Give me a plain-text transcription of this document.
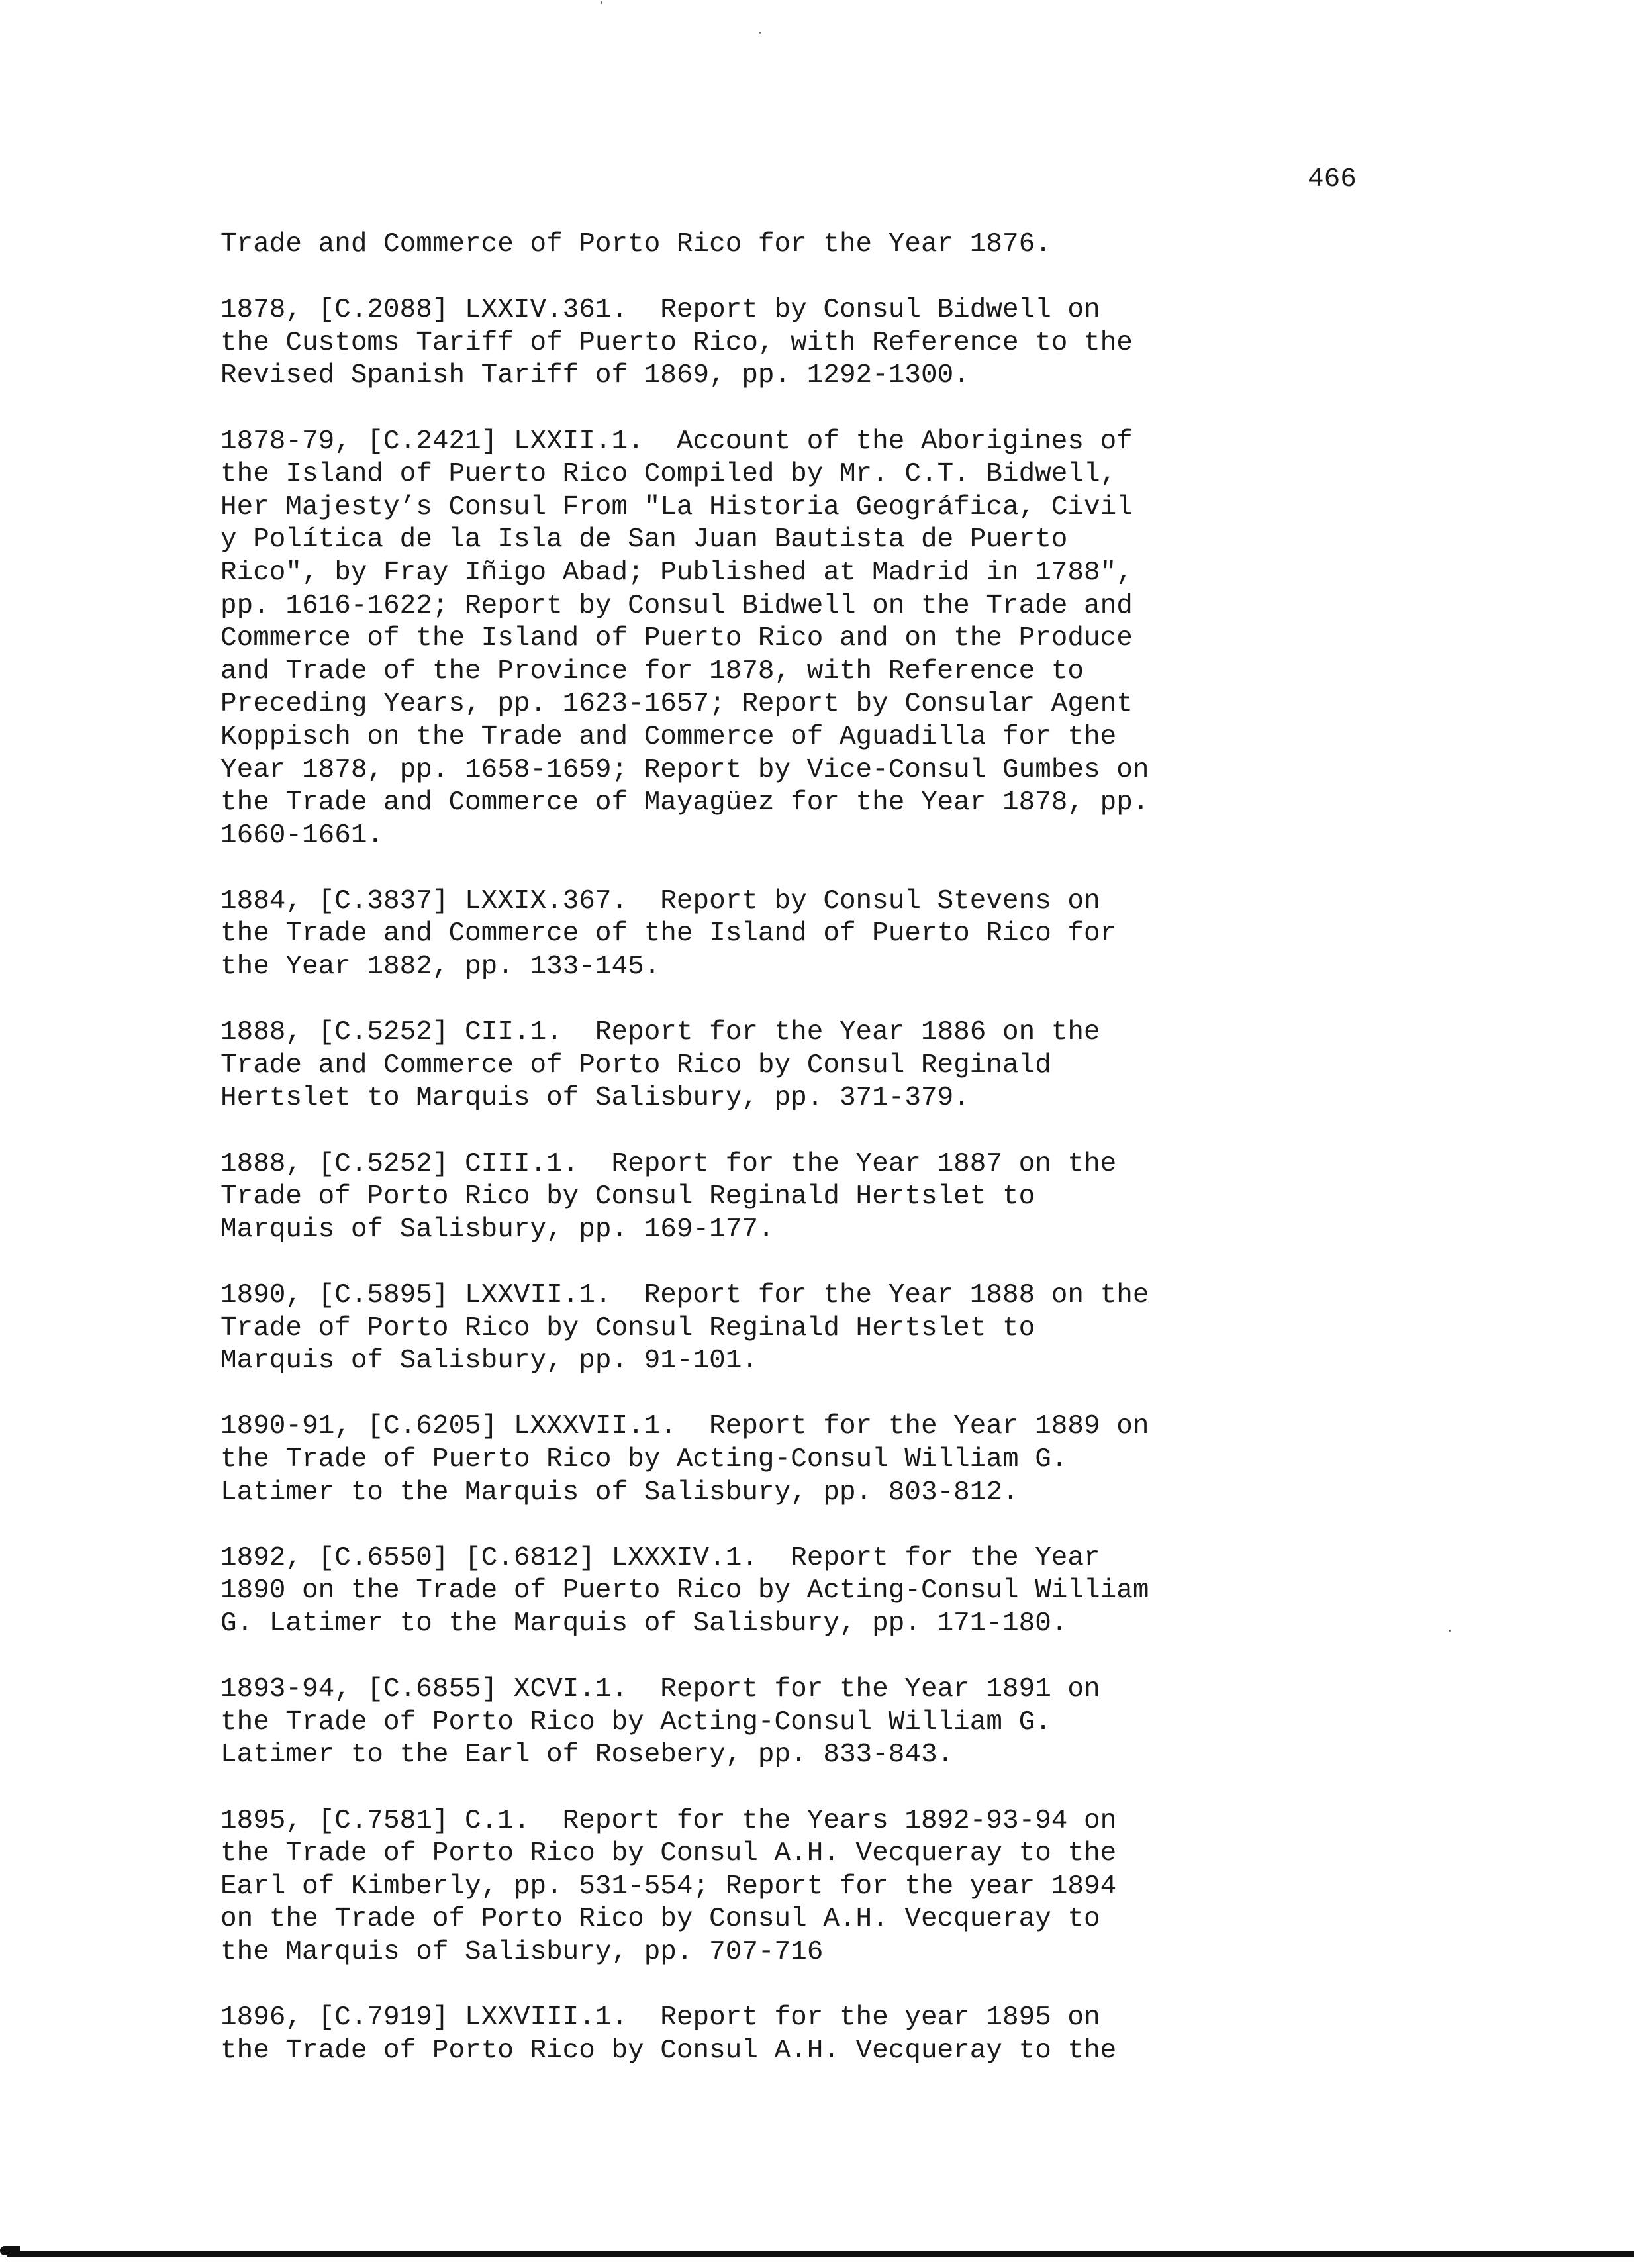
466
Trade and Commerce of Porto Rico for the Year 1876.
1878, [C.2088] LXXIV.361.  Report by Consul Bidwell on
the Customs Tariff of Puerto Rico, with Reference to the
Revised Spanish Tariff of 1869, pp. 1292-1300.
1878-79, [C.2421] LXXII.1.  Account of the Aborigines of
the Island of Puerto Rico Compiled by Mr. C.T. Bidwell,
Her Majesty’s Consul From "La Historia Geográfica, Civil
y Política de la Isla de San Juan Bautista de Puerto
Rico", by Fray Iñigo Abad; Published at Madrid in 1788",
pp. 1616-1622; Report by Consul Bidwell on the Trade and
Commerce of the Island of Puerto Rico and on the Produce
and Trade of the Province for 1878, with Reference to
Preceding Years, pp. 1623-1657; Report by Consular Agent
Koppisch on the Trade and Commerce of Aguadilla for the
Year 1878, pp. 1658-1659; Report by Vice-Consul Gumbes on
the Trade and Commerce of Mayagüez for the Year 1878, pp.
1660-1661.
1884, [C.3837] LXXIX.367.  Report by Consul Stevens on
the Trade and Commerce of the Island of Puerto Rico for
the Year 1882, pp. 133-145.
1888, [C.5252] CII.1.  Report for the Year 1886 on the
Trade and Commerce of Porto Rico by Consul Reginald
Hertslet to Marquis of Salisbury, pp. 371-379.
1888, [C.5252] CIII.1.  Report for the Year 1887 on the
Trade of Porto Rico by Consul Reginald Hertslet to
Marquis of Salisbury, pp. 169-177.
1890, [C.5895] LXXVII.1.  Report for the Year 1888 on the
Trade of Porto Rico by Consul Reginald Hertslet to
Marquis of Salisbury, pp. 91-101.
1890-91, [C.6205] LXXXVII.1.  Report for the Year 1889 on
the Trade of Puerto Rico by Acting-Consul William G.
Latimer to the Marquis of Salisbury, pp. 803-812.
1892, [C.6550] [C.6812] LXXXIV.1.  Report for the Year
1890 on the Trade of Puerto Rico by Acting-Consul William
G. Latimer to the Marquis of Salisbury, pp. 171-180.
1893-94, [C.6855] XCVI.1.  Report for the Year 1891 on
the Trade of Porto Rico by Acting-Consul William G.
Latimer to the Earl of Rosebery, pp. 833-843.
1895, [C.7581] C.1.  Report for the Years 1892-93-94 on
the Trade of Porto Rico by Consul A.H. Vecqueray to the
Earl of Kimberly, pp. 531-554; Report for the year 1894
on the Trade of Porto Rico by Consul A.H. Vecqueray to
the Marquis of Salisbury, pp. 707-716
1896, [C.7919] LXXVIII.1.  Report for the year 1895 on
the Trade of Porto Rico by Consul A.H. Vecqueray to the
